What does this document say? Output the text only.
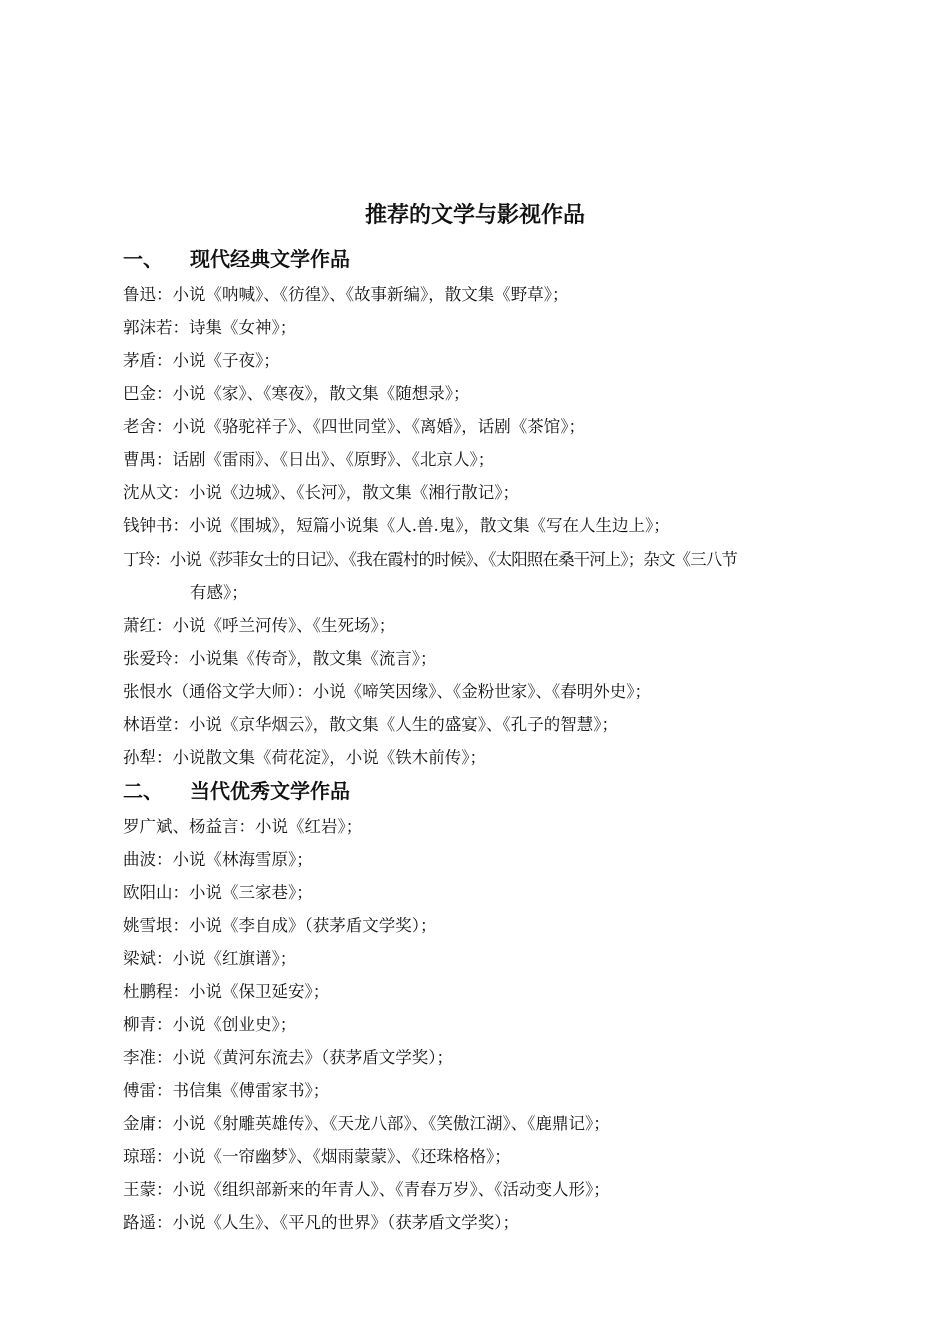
推荐的文学与影视作品
一、 现代经典文学作品
鲁迅：小说《呐喊》、《彷徨》、《故事新编》，散文集《野草》；
郭沫若：诗集《女神》；
茅盾：小说《子夜》；
巴金：小说《家》、《寒夜》，散文集《随想录》；
老舍：小说《骆驼祥子》、《四世同堂》、《离婚》，话剧《茶馆》；
曹禺：话剧《雷雨》、《日出》、《原野》、《北京人》；
沈从文：小说《边城》、《长河》，散文集《湘行散记》；
钱钟书：小说《围城》，短篇小说集《人.兽.鬼》，散文集《写在人生边上》；
丁玲：小说《莎菲女士的日记》、《我在霞村的时候》、《太阳照在桑干河上》；杂文《三八节
有感》；
萧红：小说《呼兰河传》、《生死场》；
张爱玲：小说集《传奇》，散文集《流言》；
张恨水（通俗文学大师）：小说《啼笑因缘》、《金粉世家》、《春明外史》；
林语堂：小说《京华烟云》，散文集《人生的盛宴》、《孔子的智慧》；
孙犁：小说散文集《荷花淀》，小说《铁木前传》；
二、 当代优秀文学作品
罗广斌、杨益言：小说《红岩》；
曲波：小说《林海雪原》；
欧阳山：小说《三家巷》；
姚雪垠：小说《李自成》（获茅盾文学奖）；
梁斌：小说《红旗谱》；
杜鹏程：小说《保卫延安》；
柳青：小说《创业史》；
李准：小说《黄河东流去》（获茅盾文学奖）；
傅雷：书信集《傅雷家书》；
金庸：小说《射雕英雄传》、《天龙八部》、《笑傲江湖》、《鹿鼎记》；
琼瑶：小说《一帘幽梦》、《烟雨蒙蒙》、《还珠格格》；
王蒙：小说《组织部新来的年青人》、《青春万岁》、《活动变人形》；
路遥：小说《人生》、《平凡的世界》（获茅盾文学奖）；
